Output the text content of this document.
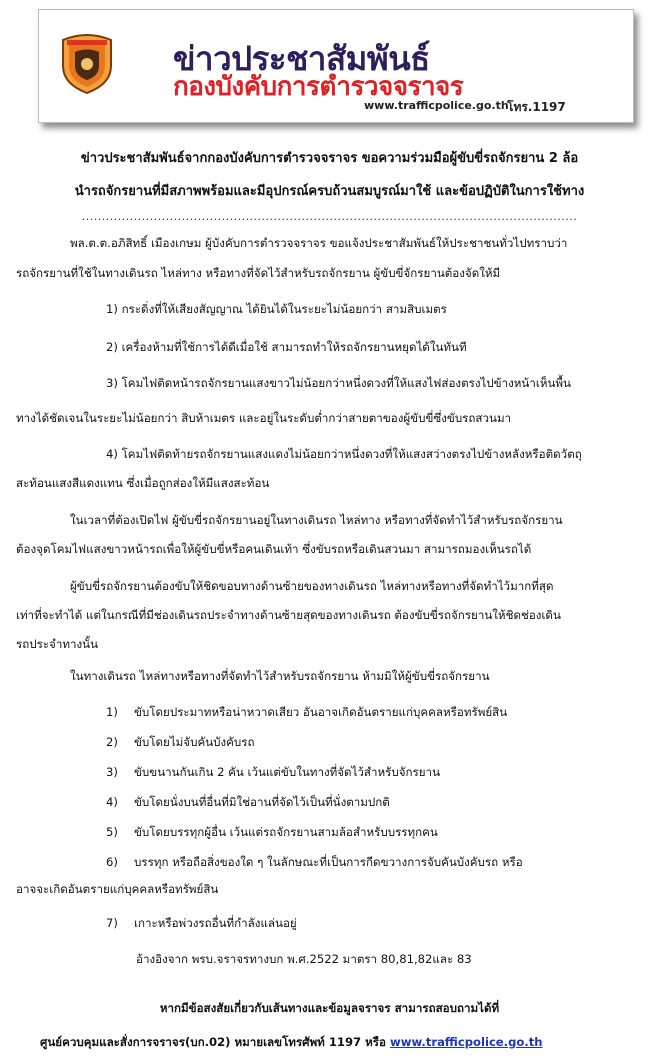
ข่าวประชาสัมพันธ์
กองบังคับการตำรวจจราจร
www.trafficpolice.go.th
โทร.1197
ข่าวประชาสัมพันธ์จากกองบังคับการตำรวจจราจร ขอความร่วมมือผู้ขับขี่รถจักรยาน 2 ล้อ
นำรถจักรยานที่มีสภาพพร้อมและมีอุปกรณ์ครบถ้วนสมบูรณ์มาใช้ และข้อปฏิบัติในการใช้ทาง
............................................................................................................................
พล.ต.ต.อภิสิทธิ์ เมืองเกษม ผู้บังคับการตำรวจจราจร ขอแจ้งประชาสัมพันธ์ให้ประชาชนทั่วไปทราบว่า
รถจักรยานที่ใช้ในทางเดินรถ ไหล่ทาง หรือทางที่จัดไว้สำหรับรถจักรยาน ผู้ขับขี่จักรยานต้องจัดให้มี
1) กระดิ่งที่ให้เสียงสัญญาณ ได้ยินได้ในระยะไม่น้อยกว่า สามสิบเมตร
2) เครื่องห้ามที่ใช้การได้ดีเมื่อใช้ สามารถทำให้รถจักรยานหยุดได้ในทันที
3) โคมไฟติดหน้ารถจักรยานแสงขาวไม่น้อยกว่าหนึ่งดวงที่ให้แสงไฟส่องตรงไปข้างหน้าเห็นพื้น
ทางได้ชัดเจนในระยะไม่น้อยกว่า สิบห้าเมตร และอยู่ในระดับต่ำกว่าสายตาของผู้ขับขี่ซึ่งขับรถสวนมา
4) โคมไฟติดท้ายรถจักรยานแสงแดงไม่น้อยกว่าหนึ่งดวงที่ให้แสงสว่างตรงไปข้างหลังหรือติดวัตถุ
สะท้อนแสงสีแดงแทน ซึ่งเมื่อถูกส่องให้มีแสงสะท้อน
ในเวลาที่ต้องเปิดไฟ ผู้ขับขี่รถจักรยานอยู่ในทางเดินรถ ไหล่ทาง หรือทางที่จัดทำไว้สำหรับรถจักรยาน
ต้องจุดโคมไฟแสงขาวหน้ารถเพื่อให้ผู้ขับขี่หรือคนเดินเท้า ซึ่งขับรถหรือเดินสวนมา สามารถมองเห็นรถได้
ผู้ขับขี่รถจักรยานต้องขับให้ชิดขอบทางด้านซ้ายของทางเดินรถ ไหล่ทางหรือทางที่จัดทำไว้มากที่สุด
เท่าที่จะทำได้ แต่ในกรณีที่มีช่องเดินรถประจำทางด้านซ้ายสุดของทางเดินรถ ต้องขับขี่รถจักรยานให้ชิดช่องเดิน
รถประจำทางนั้น
ในทางเดินรถ ไหล่ทางหรือทางที่จัดทำไว้สำหรับรถจักรยาน ห้ามมิให้ผู้ขับขี่รถจักรยาน
1) ขับโดยประมาทหรือน่าหวาดเสียว อันอาจเกิดอันตรายแก่บุคคลหรือทรัพย์สิน
2) ขับโดยไม่จับคันบังคับรถ
3) ขับขนานกันเกิน 2 คัน เว้นแต่ขับในทางที่จัดไว้สำหรับจักรยาน
4) ขับโดยนั่งบนที่อื่นที่มิใช่อานที่จัดไว้เป็นที่นั่งตามปกติ
5) ขับโดยบรรทุกผู้อื่น เว้นแต่รถจักรยานสามล้อสำหรับบรรทุกคน
6) บรรทุก หรือถือสิ่งของใด ๆ ในลักษณะที่เป็นการกีดขวางการจับคันบังคับรถ หรือ
อาจจะเกิดอันตรายแก่บุคคลหรือทรัพย์สิน
7) เกาะหรือพ่วงรถอื่นที่กำลังแล่นอยู่
อ้างอิงจาก พรบ.จราจรทางบก พ.ศ.2522 มาตรา 80,81,82และ 83
หากมีข้อสงสัยเกี่ยวกับเส้นทางและข้อมูลจราจร สามารถสอบถามได้ที่
ศูนย์ควบคุมและสั่งการจราจร(บก.02) หมายเลขโทรศัพท์ 1197 หรือ www.trafficpolice.go.th
